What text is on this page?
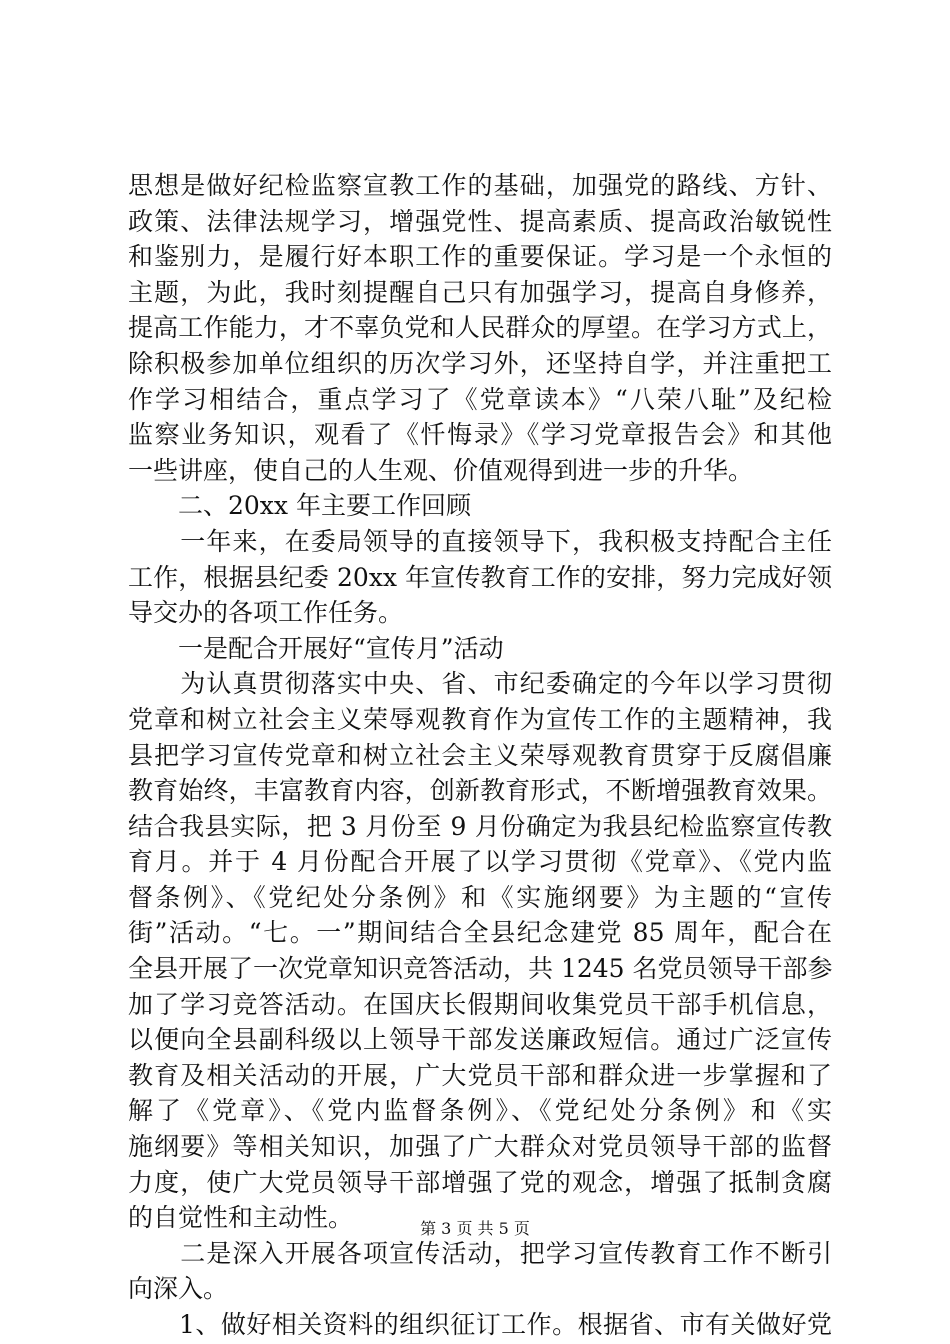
思想是做好纪检监察宣教工作的基础，加强党的路线、方针、
政策、法律法规学习，增强党性、提高素质、提高政治敏锐性
和鉴别力，是履行好本职工作的重要保证。学习是一个永恒的
主题，为此，我时刻提醒自己只有加强学习，提高自身修养，
提高工作能力，才不辜负党和人民群众的厚望。在学习方式上，
除积极参加单位组织的历次学习外，还坚持自学，并注重把工
作学习相结合，重点学习了《党章读本》“八荣八耻”及纪检
监察业务知识，观看了《忏悔录》《学习党章报告会》和其他
一些讲座，使自己的人生观、价值观得到进一步的升华。
　　二、20xx 年主要工作回顾
　　一年来，在委局领导的直接领导下，我积极支持配合主任
工作，根据县纪委 20xx 年宣传教育工作的安排，努力完成好领
导交办的各项工作任务。
　　一是配合开展好“宣传月”活动
　　为认真贯彻落实中央、省、市纪委确定的今年以学习贯彻
党章和树立社会主义荣辱观教育作为宣传工作的主题精神，我
县把学习宣传党章和树立社会主义荣辱观教育贯穿于反腐倡廉
教育始终，丰富教育内容，创新教育形式，不断增强教育效果。
结合我县实际，把 3 月份至 9 月份确定为我县纪检监察宣传教
育月。并于 4 月份配合开展了以学习贯彻《党章》、《党内监
督条例》、《党纪处分条例》和《实施纲要》为主题的“宣传
街”活动。“七。一”期间结合全县纪念建党 85 周年，配合在
全县开展了一次党章知识竞答活动，共 1245 名党员领导干部参
加了学习竞答活动。在国庆长假期间收集党员干部手机信息，
以便向全县副科级以上领导干部发送廉政短信。通过广泛宣传
教育及相关活动的开展，广大党员干部和群众进一步掌握和了
解了《党章》、《党内监督条例》、《党纪处分条例》和《实
施纲要》等相关知识，加强了广大群众对党员领导干部的监督
力度，使广大党员领导干部增强了党的观念，增强了抵制贪腐
的自觉性和主动性。
　　二是深入开展各项宣传活动，把学习宣传教育工作不断引
向深入。
　　1、做好相关资料的组织征订工作。根据省、市有关做好党
第 3 页 共 5 页
